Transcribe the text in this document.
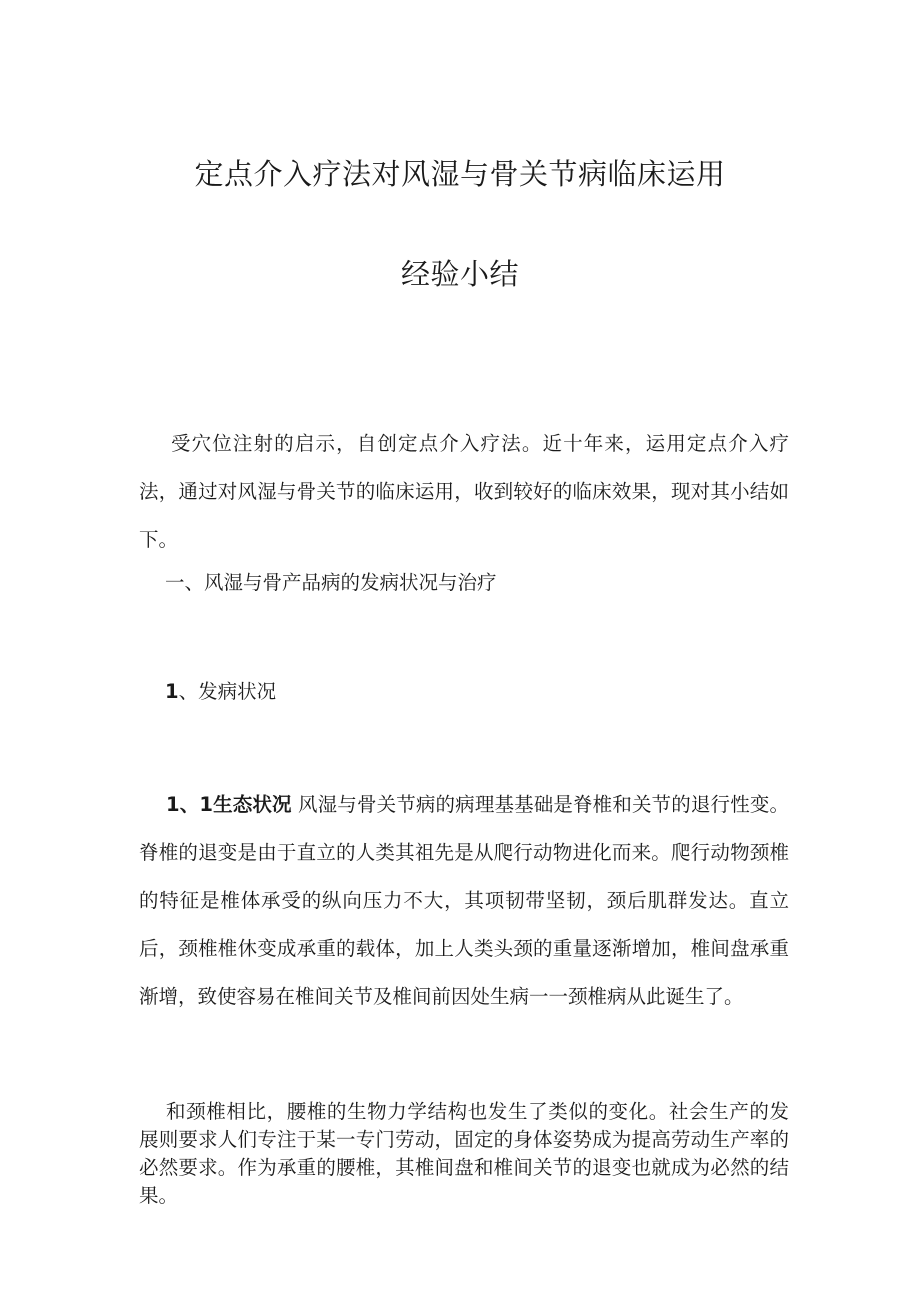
定点介入疗法对风湿与骨关节病临床运用
经验小结

受穴位注射的启示，自创定点介入疗法。近十年来，运用定点介入疗法，通过对风湿与骨关节的临床运用，收到较好的临床效果，现对其小结如下。

一、风湿与骨产品病的发病状况与治疗
1、发病状况

1、1生态状况 风湿与骨关节病的病理基基础是脊椎和关节的退行性变。脊椎的退变是由于直立的人类其祖先是从爬行动物进化而来。爬行动物颈椎的特征是椎体承受的纵向压力不大，其项韧带坚韧，颈后肌群发达。直立后，颈椎椎休变成承重的载体，加上人类头颈的重量逐渐增加，椎间盘承重渐增，致使容易在椎间关节及椎间前因处生病一一颈椎病从此诞生了。

和颈椎相比，腰椎的生物力学结构也发生了类似的变化。社会生产的发展则要求人们专注于某一专门劳动，固定的身体姿势成为提高劳动生产率的必然要求。作为承重的腰椎，其椎间盘和椎间关节的退变也就成为必然的结果。
